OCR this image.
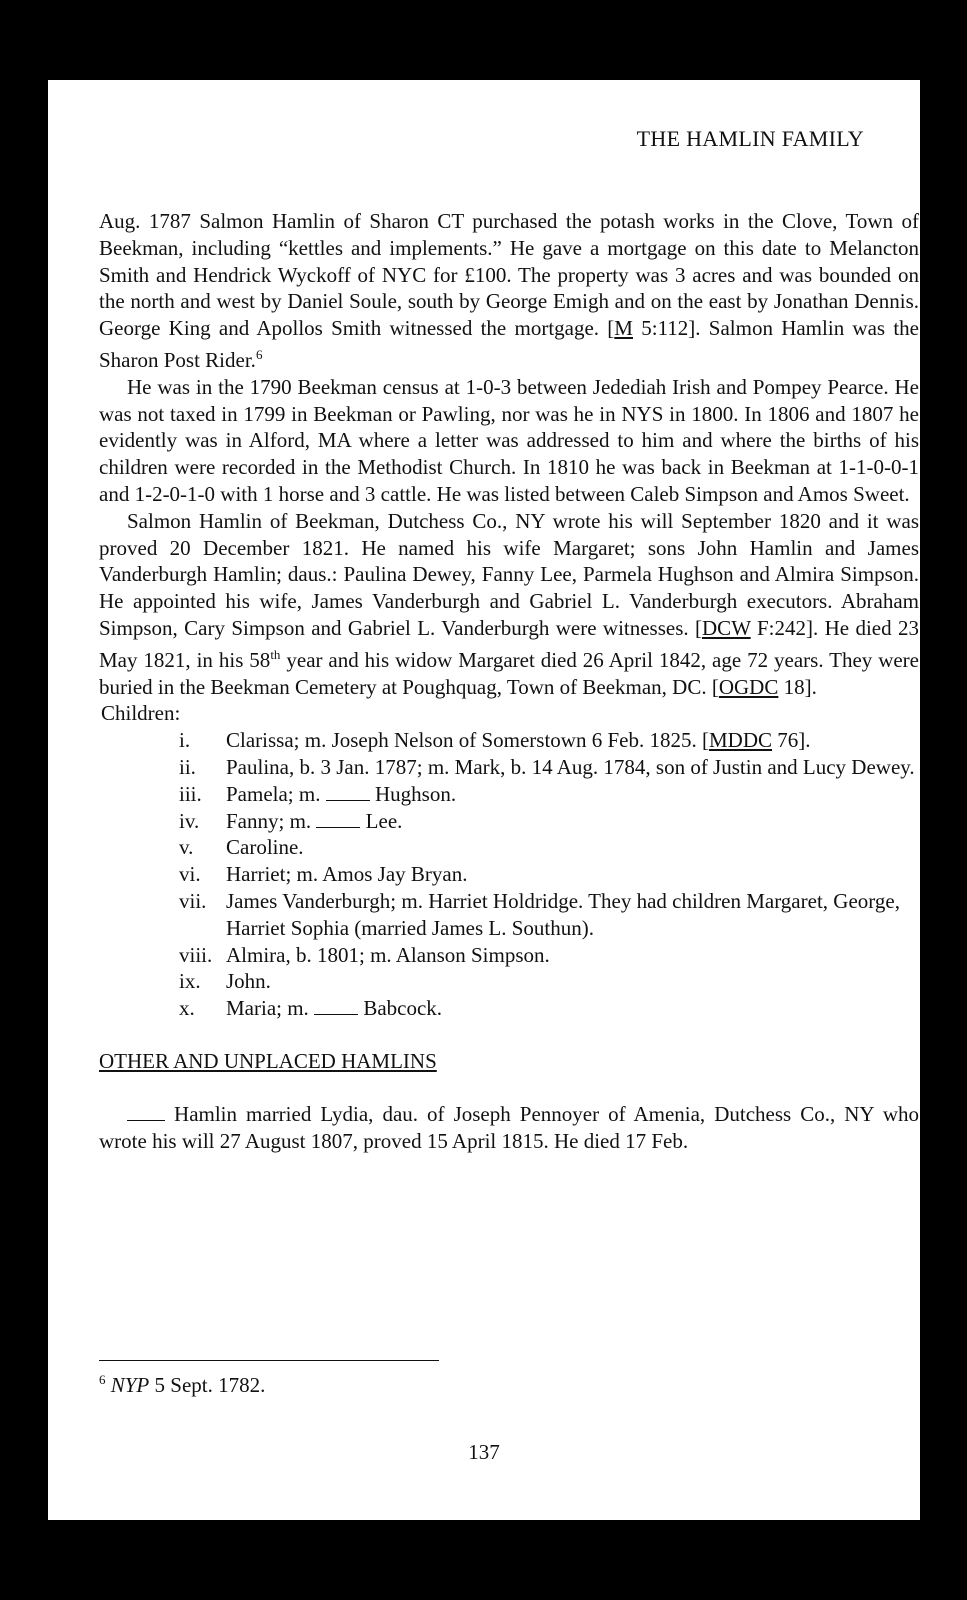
THE HAMLIN FAMILY

Aug. 1787 Salmon Hamlin of Sharon CT purchased the potash works in the Clove, Town of Beekman, including “kettles and implements.” He gave a mortgage on this date to Melancton Smith and Hendrick Wyckoff of NYC for £100. The property was 3 acres and was bounded on the north and west by Daniel Soule, south by George Emigh and on the east by Jonathan Dennis. George King and Apollos Smith witnessed the mortgage. [M 5:112]. Salmon Hamlin was the Sharon Post Rider.$^6$

He was in the 1790 Beekman census at 1-0-3 between Jedediah Irish and Pompey Pearce. He was not taxed in 1799 in Beekman or Pawling, nor was he in NYS in 1800. In 1806 and 1807 he evidently was in Alford, MA where a letter was addressed to him and where the births of his children were recorded in the Methodist Church. In 1810 he was back in Beekman at 1-1-0-0-1 and 1-2-0-1-0 with 1 horse and 3 cattle. He was listed between Caleb Simpson and Amos Sweet.

Salmon Hamlin of Beekman, Dutchess Co., NY wrote his will September 1820 and it was proved 20 December 1821. He named his wife Margaret; sons John Hamlin and James Vanderburgh Hamlin; daus.: Paulina Dewey, Fanny Lee, Parmela Hughson and Almira Simpson. He appointed his wife, James Vanderburgh and Gabriel L. Vanderburgh executors. Abraham Simpson, Cary Simpson and Gabriel L. Vanderburgh were witnesses. [DCW F:242]. He died 23 May 1821, in his 58th year and his widow Margaret died 26 April 1842, age 72 years. They were buried in the Beekman Cemetery at Poughquag, Town of Beekman, DC. [OGDC 18].

Children:
i. Clarissa; m. Joseph Nelson of Somerstown 6 Feb. 1825. [MDDC 76].
ii. Paulina, b. 3 Jan. 1787; m. Mark, b. 14 Aug. 1784, son of Justin and Lucy Dewey.
iii. Pamela; m.  Hughson.
iv. Fanny; m.  Lee.
v. Caroline.
vi. Harriet; m. Amos Jay Bryan.
vii. James Vanderburgh; m. Harriet Holdridge. They had children Margaret, George, Harriet Sophia (married James L. Southun).
viii. Almira, b. 1801; m. Alanson Simpson.
ix. John.
x. Maria; m.  Babcock.
OTHER AND UNPLACED HAMLINS

Hamlin married Lydia, dau. of Joseph Pennoyer of Amenia, Dutchess Co., NY who wrote his will 27 August 1807, proved 15 April 1815. He died 17 Feb.

$^6$ NYP 5 Sept. 1782.
137
